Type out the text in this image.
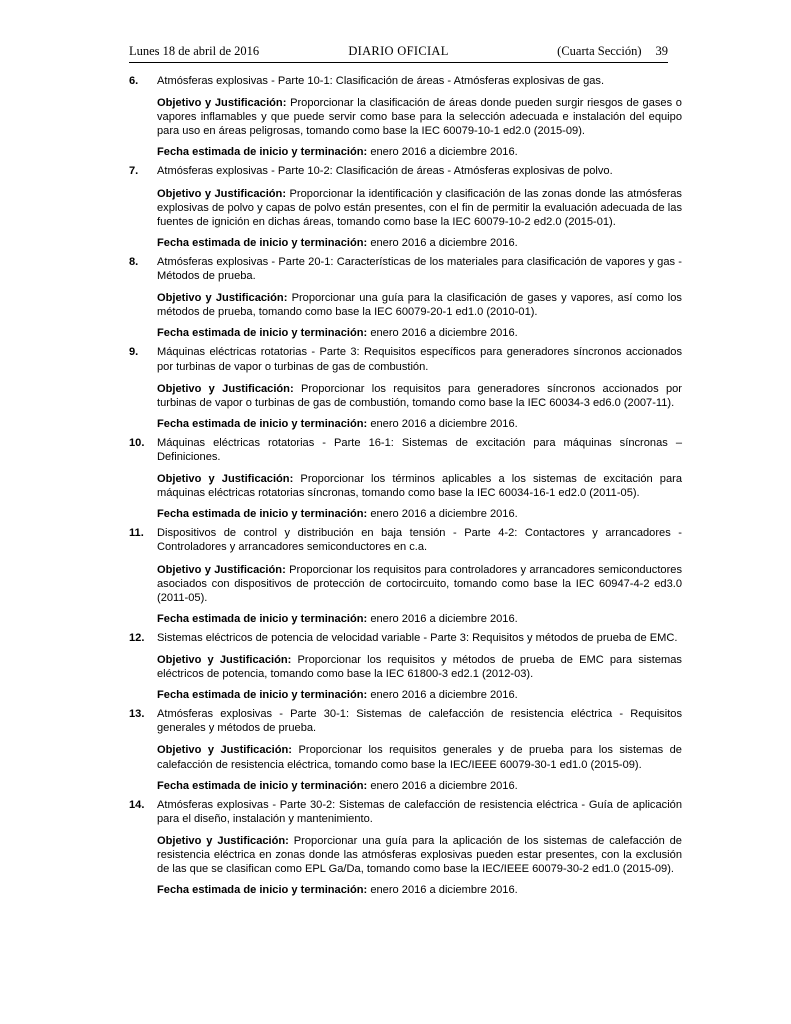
Lunes 18 de abril de 2016	DIARIO OFICIAL	(Cuarta Sección) 39
6. Atmósferas explosivas - Parte 10-1: Clasificación de áreas - Atmósferas explosivas de gas.

Objetivo y Justificación: Proporcionar la clasificación de áreas donde pueden surgir riesgos de gases o vapores inflamables y que puede servir como base para la selección adecuada e instalación del equipo para uso en áreas peligrosas, tomando como base la IEC 60079-10-1 ed2.0 (2015-09).

Fecha estimada de inicio y terminación: enero 2016 a diciembre 2016.

7. Atmósferas explosivas - Parte 10-2: Clasificación de áreas - Atmósferas explosivas de polvo.

Objetivo y Justificación: Proporcionar la identificación y clasificación de las zonas donde las atmósferas explosivas de polvo y capas de polvo están presentes, con el fin de permitir la evaluación adecuada de las fuentes de ignición en dichas áreas, tomando como base la IEC 60079-10-2 ed2.0 (2015-01).

Fecha estimada de inicio y terminación: enero 2016 a diciembre 2016.

8. Atmósferas explosivas - Parte 20-1: Características de los materiales para clasificación de vapores y gas - Métodos de prueba.

Objetivo y Justificación: Proporcionar una guía para la clasificación de gases y vapores, así como los métodos de prueba, tomando como base la IEC 60079-20-1 ed1.0 (2010-01).

Fecha estimada de inicio y terminación: enero 2016 a diciembre 2016.

9. Máquinas eléctricas rotatorias - Parte 3: Requisitos específicos para generadores síncronos accionados por turbinas de vapor o turbinas de gas de combustión.

Objetivo y Justificación: Proporcionar los requisitos para generadores síncronos accionados por turbinas de vapor o turbinas de gas de combustión, tomando como base la IEC 60034-3 ed6.0 (2007-11).

Fecha estimada de inicio y terminación: enero 2016 a diciembre 2016.

10. Máquinas eléctricas rotatorias - Parte 16-1: Sistemas de excitación para máquinas síncronas – Definiciones.

Objetivo y Justificación: Proporcionar los términos aplicables a los sistemas de excitación para máquinas eléctricas rotatorias síncronas, tomando como base la IEC 60034-16-1 ed2.0 (2011-05).

Fecha estimada de inicio y terminación: enero 2016 a diciembre 2016.

11. Dispositivos de control y distribución en baja tensión - Parte 4-2: Contactores y arrancadores - Controladores y arrancadores semiconductores en c.a.

Objetivo y Justificación: Proporcionar los requisitos para controladores y arrancadores semiconductores asociados con dispositivos de protección de cortocircuito, tomando como base la IEC 60947-4-2 ed3.0 (2011-05).

Fecha estimada de inicio y terminación: enero 2016 a diciembre 2016.

12. Sistemas eléctricos de potencia de velocidad variable - Parte 3: Requisitos y métodos de prueba de EMC.

Objetivo y Justificación: Proporcionar los requisitos y métodos de prueba de EMC para sistemas eléctricos de potencia, tomando como base la IEC 61800-3 ed2.1 (2012-03).

Fecha estimada de inicio y terminación: enero 2016 a diciembre 2016.

13. Atmósferas explosivas - Parte 30-1: Sistemas de calefacción de resistencia eléctrica - Requisitos generales y métodos de prueba.

Objetivo y Justificación: Proporcionar los requisitos generales y de prueba para los sistemas de calefacción de resistencia eléctrica, tomando como base la IEC/IEEE 60079-30-1 ed1.0 (2015-09).

Fecha estimada de inicio y terminación: enero 2016 a diciembre 2016.

14. Atmósferas explosivas - Parte 30-2: Sistemas de calefacción de resistencia eléctrica - Guía de aplicación para el diseño, instalación y mantenimiento.

Objetivo y Justificación: Proporcionar una guía para la aplicación de los sistemas de calefacción de resistencia eléctrica en zonas donde las atmósferas explosivas pueden estar presentes, con la exclusión de las que se clasifican como EPL Ga/Da, tomando como base la IEC/IEEE 60079-30-2 ed1.0 (2015-09).

Fecha estimada de inicio y terminación: enero 2016 a diciembre 2016.
